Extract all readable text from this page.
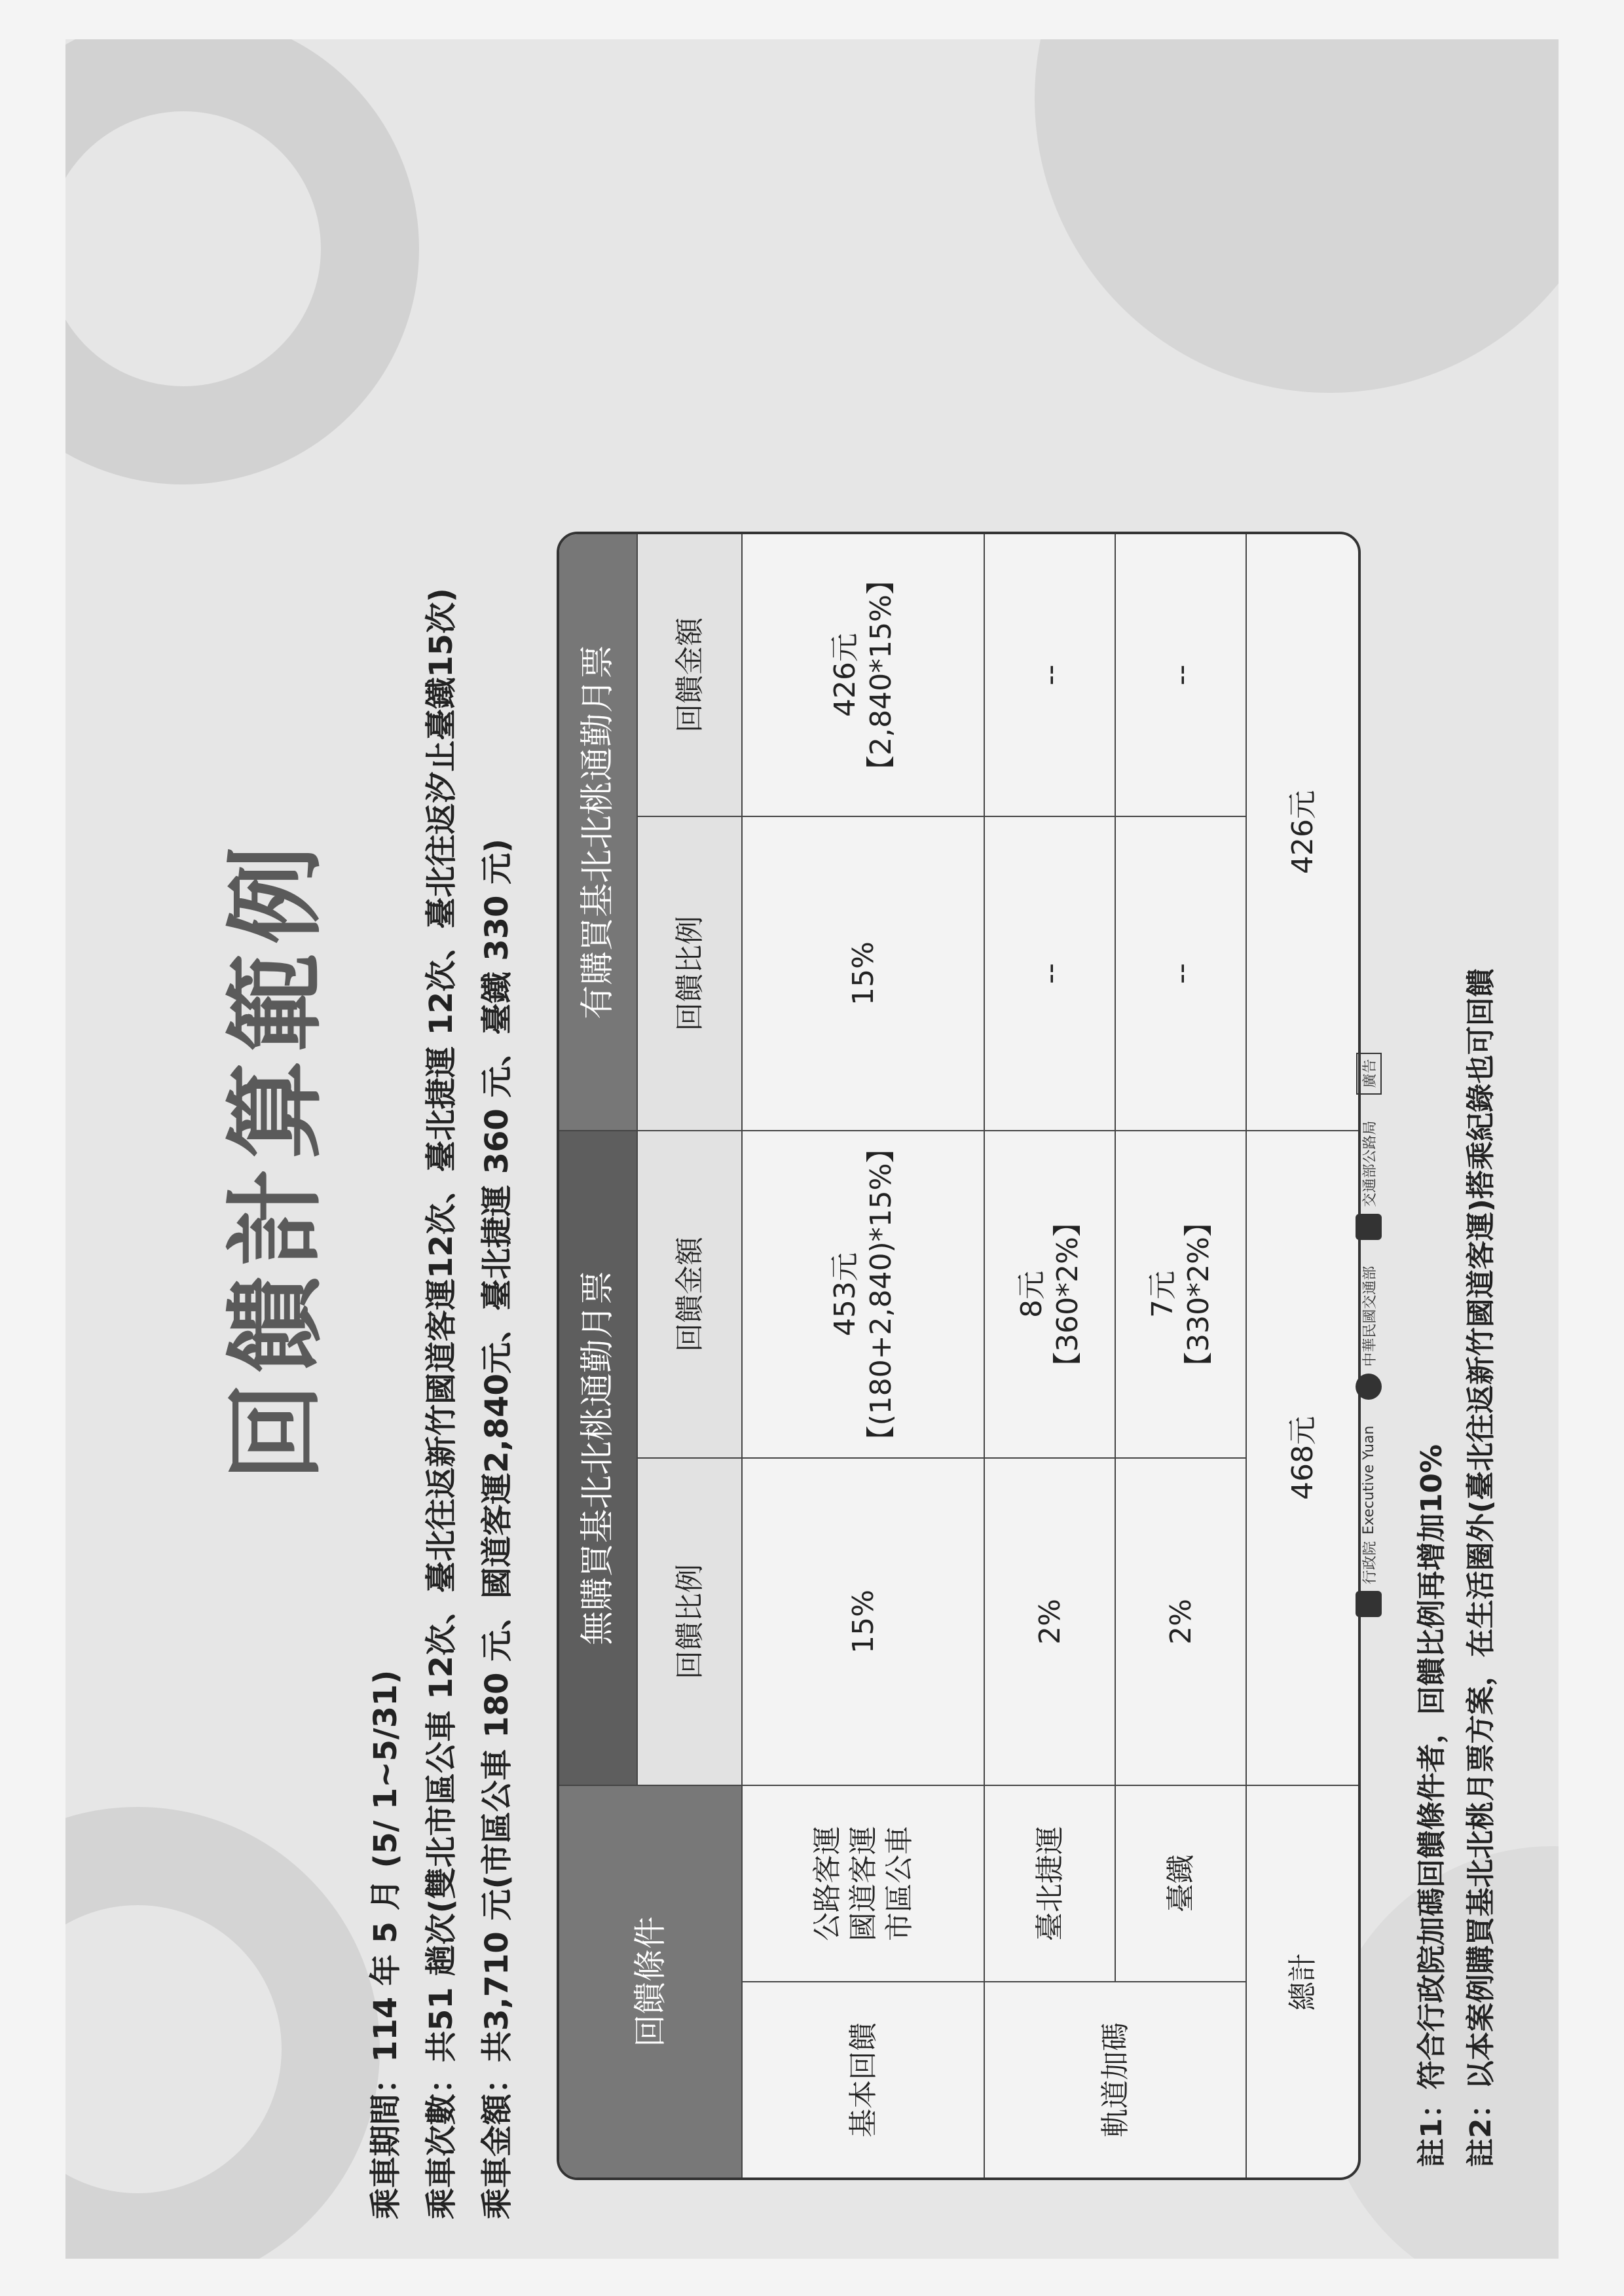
回饋計算範例
乘車期間：114 年 5 月 (5/ 1~5/31) 乘車次數：共51 趟次(雙北市區公車 12次、臺北往返新竹國道客運12次、臺北捷運 12次、臺北往返汐止臺鐵15次) 乘車金額：共3,710 元(市區公車 180 元、國道客運2,840元、臺北捷運 360 元、臺鐵 330 元)	回饋條件
無購買基北北桃通勤月票
有購買基北北桃通勤月票
回饋比例
回饋金額
回饋比例
回饋金額
基本回饋
公路客運
國道客運
市區公車
15%
453元
【(180+2,840)*15%】
15%
426元
【2,840*15%】
軌道加碼
臺北捷運
2%
8元
【360*2%】
--
--
臺鐵
2%
7元
【330*2%】
--
--
總計
468元
426元
行政院
Executive Yuan
中華民國交通部
交通部公路局
廣告
註1：符合行政院加碼回饋條件者，回饋比例再增加10% 註2：以本案例購買基北北桃月票方案，在生活圈外(臺北往返新竹國道客運)搭乘紀錄也可回饋
